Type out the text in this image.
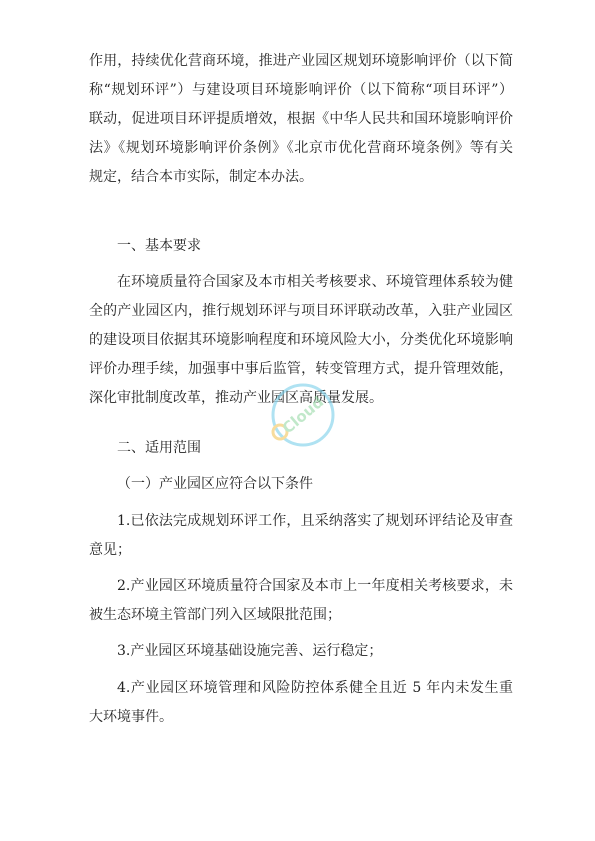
作用，持续优化营商环境，推进产业园区规划环境影响评价（以下简
称“规划环评”）与建设项目环境影响评价（以下简称“项目环评”）
联动，促进项目环评提质增效，根据《中华人民共和国环境影响评价
法》《规划环境影响评价条例》《北京市优化营商环境条例》等有关
规定，结合本市实际，制定本办法。
一、基本要求
在环境质量符合国家及本市相关考核要求、环境管理体系较为健
全的产业园区内，推行规划环评与项目环评联动改革，入驻产业园区
的建设项目依据其环境影响程度和环境风险大小，分类优化环境影响
评价办理手续，加强事中事后监管，转变管理方式，提升管理效能，
深化审批制度改革，推动产业园区高质量发展。
二、适用范围
（一）产业园区应符合以下条件
1.已依法完成规划环评工作，且采纳落实了规划环评结论及审查
意见；
2.产业园区环境质量符合国家及本市上一年度相关考核要求，未
被生态环境主管部门列入区域限批范围；
3.产业园区环境基础设施完善、运行稳定；
4.产业园区环境管理和风险防控体系健全且近 5 年内未发生重
大环境事件。
Cloud
